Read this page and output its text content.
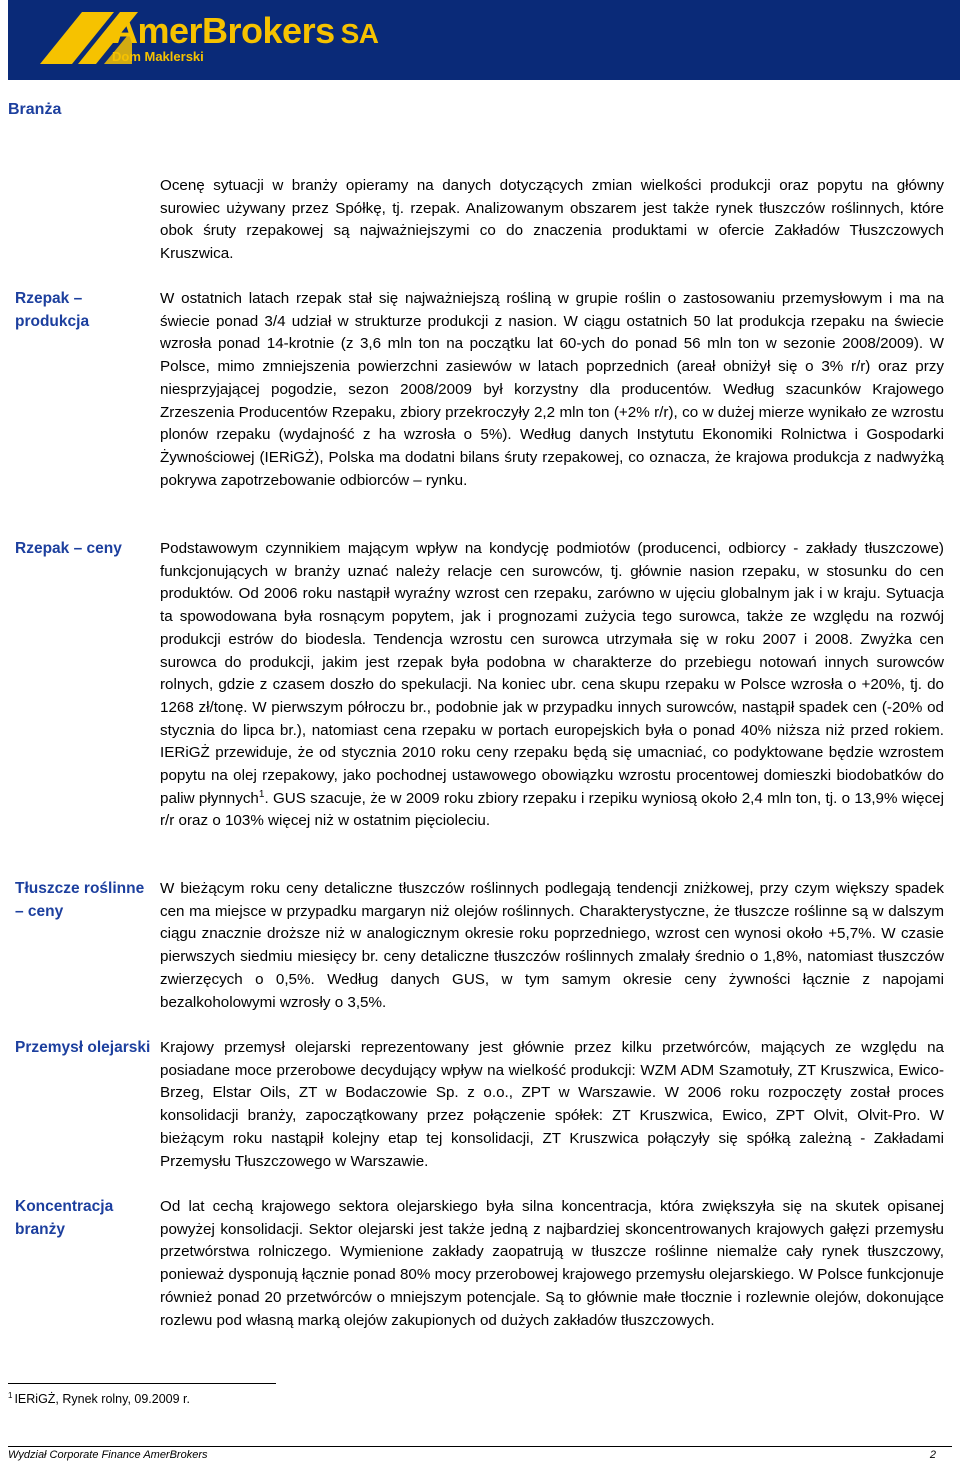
AmerBrokers SA
Dom Maklerski
Branża

Ocenę sytuacji w branży opieramy na danych dotyczących zmian wielkości produkcji oraz popytu na główny surowiec używany przez Spółkę, tj. rzepak. Analizowanym obszarem jest także rynek tłuszczów roślinnych, które obok śruty rzepakowej są najważniejszymi co do znaczenia produktami w ofercie Zakładów Tłuszczowych Kruszwica.

Rzepak – produkcja

W ostatnich latach rzepak stał się najważniejszą rośliną w grupie roślin o zastosowaniu przemysłowym i ma na świecie ponad 3/4 udział w strukturze produkcji z nasion. W ciągu ostatnich 50 lat produkcja rzepaku na świecie wzrosła ponad 14-krotnie (z 3,6 mln ton na początku lat 60-ych do ponad 56 mln ton w sezonie 2008/2009). W Polsce, mimo zmniejszenia powierzchni zasiewów w latach poprzednich (areał obniżył się o 3% r/r) oraz przy niesprzyjającej pogodzie, sezon 2008/2009 był korzystny dla producentów. Według szacunków Krajowego Zrzeszenia Producentów Rzepaku, zbiory przekroczyły 2,2 mln ton (+2% r/r), co w dużej mierze wynikało ze wzrostu plonów rzepaku (wydajność z ha wzrosła o 5%). Według danych Instytutu Ekonomiki Rolnictwa i Gospodarki Żywnościowej (IERiGŻ), Polska ma dodatni bilans śruty rzepakowej, co oznacza, że krajowa produkcja z nadwyżką pokrywa zapotrzebowanie odbiorców – rynku.

Rzepak – ceny	Podstawowym czynnikiem mającym wpływ na kondycję podmiotów (producenci, odbiorcy - zakłady tłuszczowe) funkcjonujących w branży uznać należy relacje cen surowców, tj. głównie nasion rzepaku, w stosunku do cen produktów. Od 2006 roku nastąpił wyraźny wzrost cen rzepaku, zarówno w ujęciu globalnym jak i w kraju. Sytuacja ta spowodowana była rosnącym popytem, jak i prognozami zużycia tego surowca, także ze względu na rozwój produkcji estrów do biodesla. Tendencja wzrostu cen surowca utrzymała się w roku 2007 i 2008. Zwyżka cen surowca do produkcji, jakim jest rzepak była podobna w charakterze do przebiegu notowań innych surowców rolnych, gdzie z czasem doszło do spekulacji. Na koniec ubr. cena skupu rzepaku w Polsce wzrosła o +20%, tj. do 1268 zł/tonę. W pierwszym półroczu br., podobnie jak w przypadku innych surowców, nastąpił spadek cen (-20% od stycznia do lipca br.), natomiast cena rzepaku w portach europejskich była o ponad 40% niższa niż przed rokiem. IERiGŻ przewiduje, że od stycznia 2010 roku ceny rzepaku będą się umacniać, co podyktowane będzie wzrostem popytu na olej rzepakowy, jako pochodnej ustawowego obowiązku wzrostu procentowej domieszki biodobatków do paliw płynnych$^1$. GUS szacuje, że w 2009 roku zbiory rzepaku i rzepiku wyniosą około 2,4 mln ton, tj. o 13,9% więcej r/r oraz o 103% więcej niż w ostatnim pięcioleciu.

Tłuszcze roślinne – ceny

W bieżącym roku ceny detaliczne tłuszczów roślinnych podlegają tendencji zniżkowej, przy czym większy spadek cen ma miejsce w przypadku margaryn niż olejów roślinnych. Charakterystyczne, że tłuszcze roślinne są w dalszym ciągu znacznie droższe niż w analogicznym okresie roku poprzedniego, wzrost cen wynosi około +5,7%. W czasie pierwszych siedmiu miesięcy br. ceny detaliczne tłuszczów roślinnych zmalały średnio o 1,8%, natomiast tłuszczów zwierzęcych o 0,5%. Według danych GUS, w tym samym okresie ceny żywności łącznie z napojami bezalkoholowymi wzrosły o 3,5%.

Przemysł olejarski Krajowy przemysł olejarski reprezentowany jest głównie przez kilku przetwórców, mających ze względu na posiadane moce przerobowe decydujący wpływ na wielkość produkcji: WZM ADM Szamotuły, ZT Kruszwica, Ewico-Brzeg, Elstar Oils, ZT w Bodaczowie Sp. z o.o., ZPT w Warszawie. W 2006 roku rozpoczęty został proces konsolidacji branży, zapoczątkowany przez połączenie spółek: ZT Kruszwica, Ewico, ZPT Olvit, Olvit-Pro. W bieżącym roku nastąpił kolejny etap tej konsolidacji, ZT Kruszwica połączyły się spółką zależną - Zakładami Przemysłu Tłuszczowego w Warszawie.

Koncentracja branży

Od lat cechą krajowego sektora olejarskiego była silna koncentracja, która zwiększyła się na skutek opisanej powyżej konsolidacji. Sektor olejarski jest także jedną z najbardziej skoncentrowanych krajowych gałęzi przemysłu przetwórstwa rolniczego. Wymienione zakłady zaopatrują w tłuszcze roślinne niemalże cały rynek tłuszczowy, ponieważ dysponują łącznie ponad 80% mocy przerobowej krajowego przemysłu olejarskiego. W Polsce funkcjonuje również ponad 20 przetwórców o mniejszym potencjale. Są to głównie małe tłocznie i rozlewnie olejów, dokonujące rozlewu pod własną marką olejów zakupionych od dużych zakładów tłuszczowych.

$^1$ IERiGŻ, Rynek rolny, 09.2009 r.
Wydział Corporate Finance AmerBrokers	2
